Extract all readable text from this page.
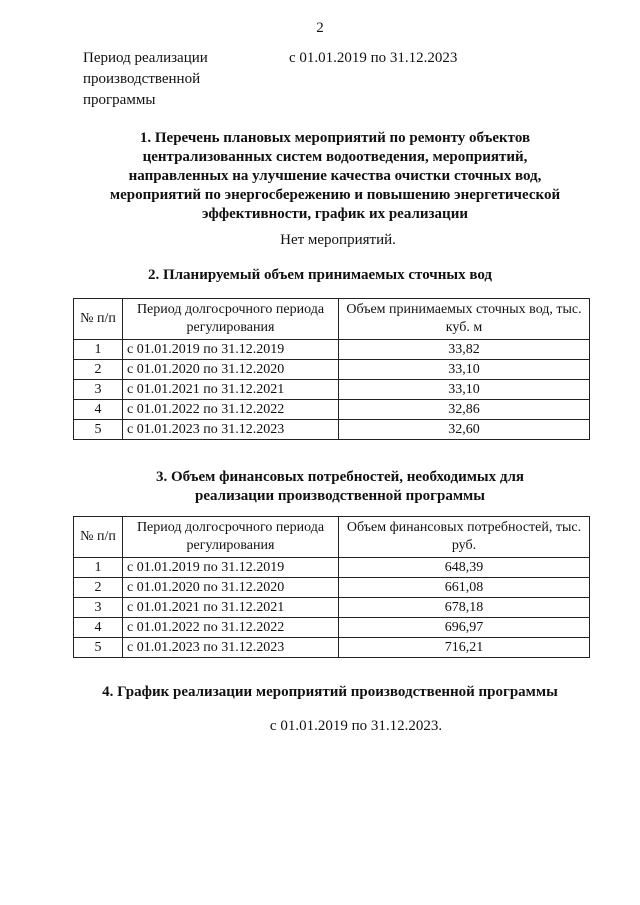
2
Период реализации
производственной
программы
с 01.01.2019 по 31.12.2023
1. Перечень плановых мероприятий по ремонту объектов централизованных систем водоотведения, мероприятий, направленных на улучшение качества очистки сточных вод, мероприятий по энергосбережению и повышению энергетической эффективности, график их реализации
Нет мероприятий.
2. Планируемый объем принимаемых сточных вод
№ п/п	Период долгосрочного периода регулирования	Объем принимаемых сточных вод, тыс. куб. м
1	с 01.01.2019 по 31.12.2019	33,82
2	с 01.01.2020 по 31.12.2020	33,10
3	с 01.01.2021 по 31.12.2021	33,10
4	с 01.01.2022 по 31.12.2022	32,86
5	с 01.01.2023 по 31.12.2023	32,60
3. Объем финансовых потребностей, необходимых для реализации производственной программы
№ п/п	Период долгосрочного периода регулирования	Объем финансовых потребностей, тыс. руб.
1	с 01.01.2019 по 31.12.2019	648,39
2	с 01.01.2020 по 31.12.2020	661,08
3	с 01.01.2021 по 31.12.2021	678,18
4	с 01.01.2022 по 31.12.2022	696,97
5	с 01.01.2023 по 31.12.2023	716,21
4. График реализации мероприятий производственной программы
с 01.01.2019 по 31.12.2023.
